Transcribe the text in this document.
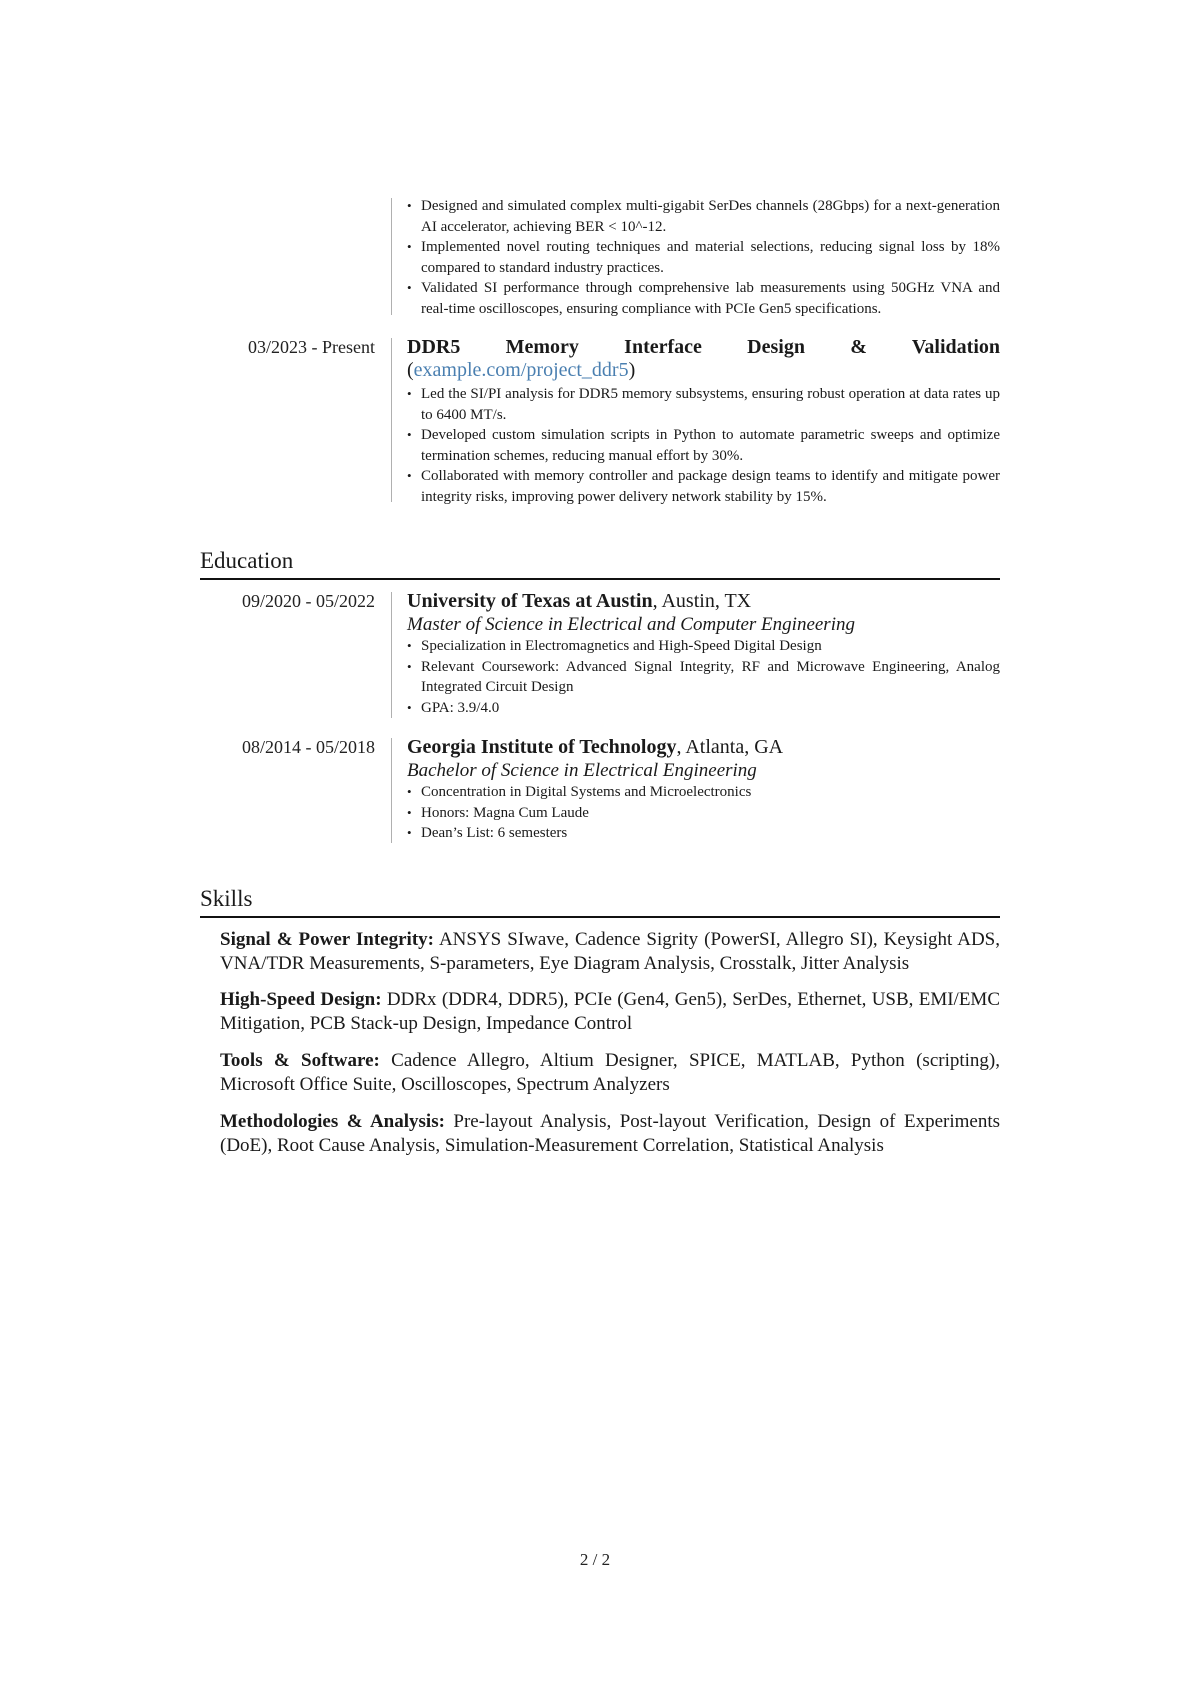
• Designed and simulated complex multi-gigabit SerDes channels (28Gbps) for a next-generation AI accelerator, achieving BER < 10^-12.
• Implemented novel routing techniques and material selections, reducing signal loss by 18% compared to standard industry practices.
• Validated SI performance through comprehensive lab measurements using 50GHz VNA and real-time oscilloscopes, ensuring compliance with PCIe Gen5 specifications.
03/2023 - Present DDR5 Memory Interface Design & Validation (example.com/project_ddr5)
• Led the SI/PI analysis for DDR5 memory subsystems, ensuring robust operation at data rates up to 6400 MT/s.
• Developed custom simulation scripts in Python to automate parametric sweeps and optimize termination schemes, reducing manual effort by 30%.
• Collaborated with memory controller and package design teams to identify and mitigate power integrity risks, improving power delivery network stability by 15%.
Education
09/2020 - 05/2022 University of Texas at Austin, Austin, TX
Master of Science in Electrical and Computer Engineering
• Specialization in Electromagnetics and High-Speed Digital Design
• Relevant Coursework: Advanced Signal Integrity, RF and Microwave Engineering, Analog Integrated Circuit Design
• GPA: 3.9/4.0
08/2014 - 05/2018 Georgia Institute of Technology, Atlanta, GA
Bachelor of Science in Electrical Engineering
• Concentration in Digital Systems and Microelectronics
• Honors: Magna Cum Laude
• Dean’s List: 6 semesters
Skills
Signal & Power Integrity: ANSYS SIwave, Cadence Sigrity (PowerSI, Allegro SI), Keysight ADS, VNA/TDR Measurements, S-parameters, Eye Diagram Analysis, Crosstalk, Jitter Analysis
High-Speed Design: DDRx (DDR4, DDR5), PCIe (Gen4, Gen5), SerDes, Ethernet, USB, EMI/EMC Mitigation, PCB Stack-up Design, Impedance Control
Tools & Software: Cadence Allegro, Altium Designer, SPICE, MATLAB, Python (scripting), Microsoft Office Suite, Oscilloscopes, Spectrum Analyzers
Methodologies & Analysis: Pre-layout Analysis, Post-layout Verification, Design of Experiments (DoE), Root Cause Analysis, Simulation-Measurement Correlation, Statistical Analysis
2 / 2
